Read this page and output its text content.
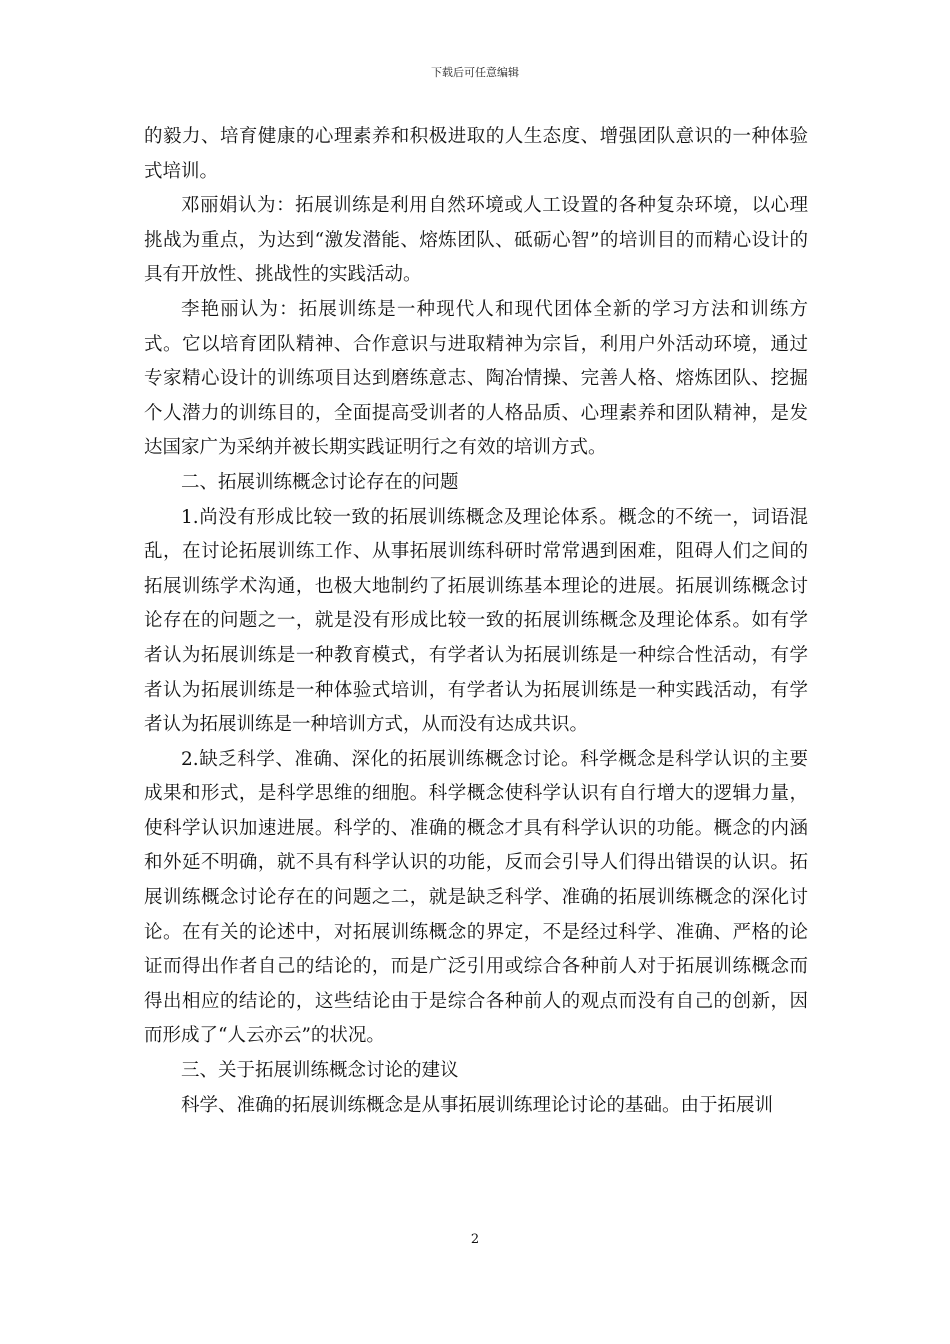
下载后可任意编辑

的毅力、培育健康的心理素养和积极进取的人生态度、增强团队意识的一种体验式培训。

邓丽娟认为：拓展训练是利用自然环境或人工设置的各种复杂环境，以心理挑战为重点，为达到“激发潜能、熔炼团队、砥砺心智”的培训目的而精心设计的具有开放性、挑战性的实践活动。

李艳丽认为：拓展训练是一种现代人和现代团体全新的学习方法和训练方式。它以培育团队精神、合作意识与进取精神为宗旨，利用户外活动环境，通过专家精心设计的训练项目达到磨练意志、陶冶情操、完善人格、熔炼团队、挖掘个人潜力的训练目的，全面提高受训者的人格品质、心理素养和团队精神，是发达国家广为采纳并被长期实践证明行之有效的培训方式。

二、拓展训练概念讨论存在的问题

1.尚没有形成比较一致的拓展训练概念及理论体系。概念的不统一，词语混乱，在讨论拓展训练工作、从事拓展训练科研时常常遇到困难，阻碍人们之间的拓展训练学术沟通，也极大地制约了拓展训练基本理论的进展。拓展训练概念讨论存在的问题之一，就是没有形成比较一致的拓展训练概念及理论体系。如有学者认为拓展训练是一种教育模式，有学者认为拓展训练是一种综合性活动，有学者认为拓展训练是一种体验式培训，有学者认为拓展训练是一种实践活动，有学者认为拓展训练是一种培训方式，从而没有达成共识。

2.缺乏科学、准确、深化的拓展训练概念讨论。科学概念是科学认识的主要成果和形式，是科学思维的细胞。科学概念使科学认识有自行增大的逻辑力量，使科学认识加速进展。科学的、准确的概念才具有科学认识的功能。概念的内涵和外延不明确，就不具有科学认识的功能，反而会引导人们得出错误的认识。拓展训练概念讨论存在的问题之二，就是缺乏科学、准确的拓展训练概念的深化讨论。在有关的论述中，对拓展训练概念的界定，不是经过科学、准确、严格的论证而得出作者自己的结论的，而是广泛引用或综合各种前人对于拓展训练概念而得出相应的结论的，这些结论由于是综合各种前人的观点而没有自己的创新，因而形成了“人云亦云”的状况。

三、关于拓展训练概念讨论的建议

科学、准确的拓展训练概念是从事拓展训练理论讨论的基础。由于拓展训

2
